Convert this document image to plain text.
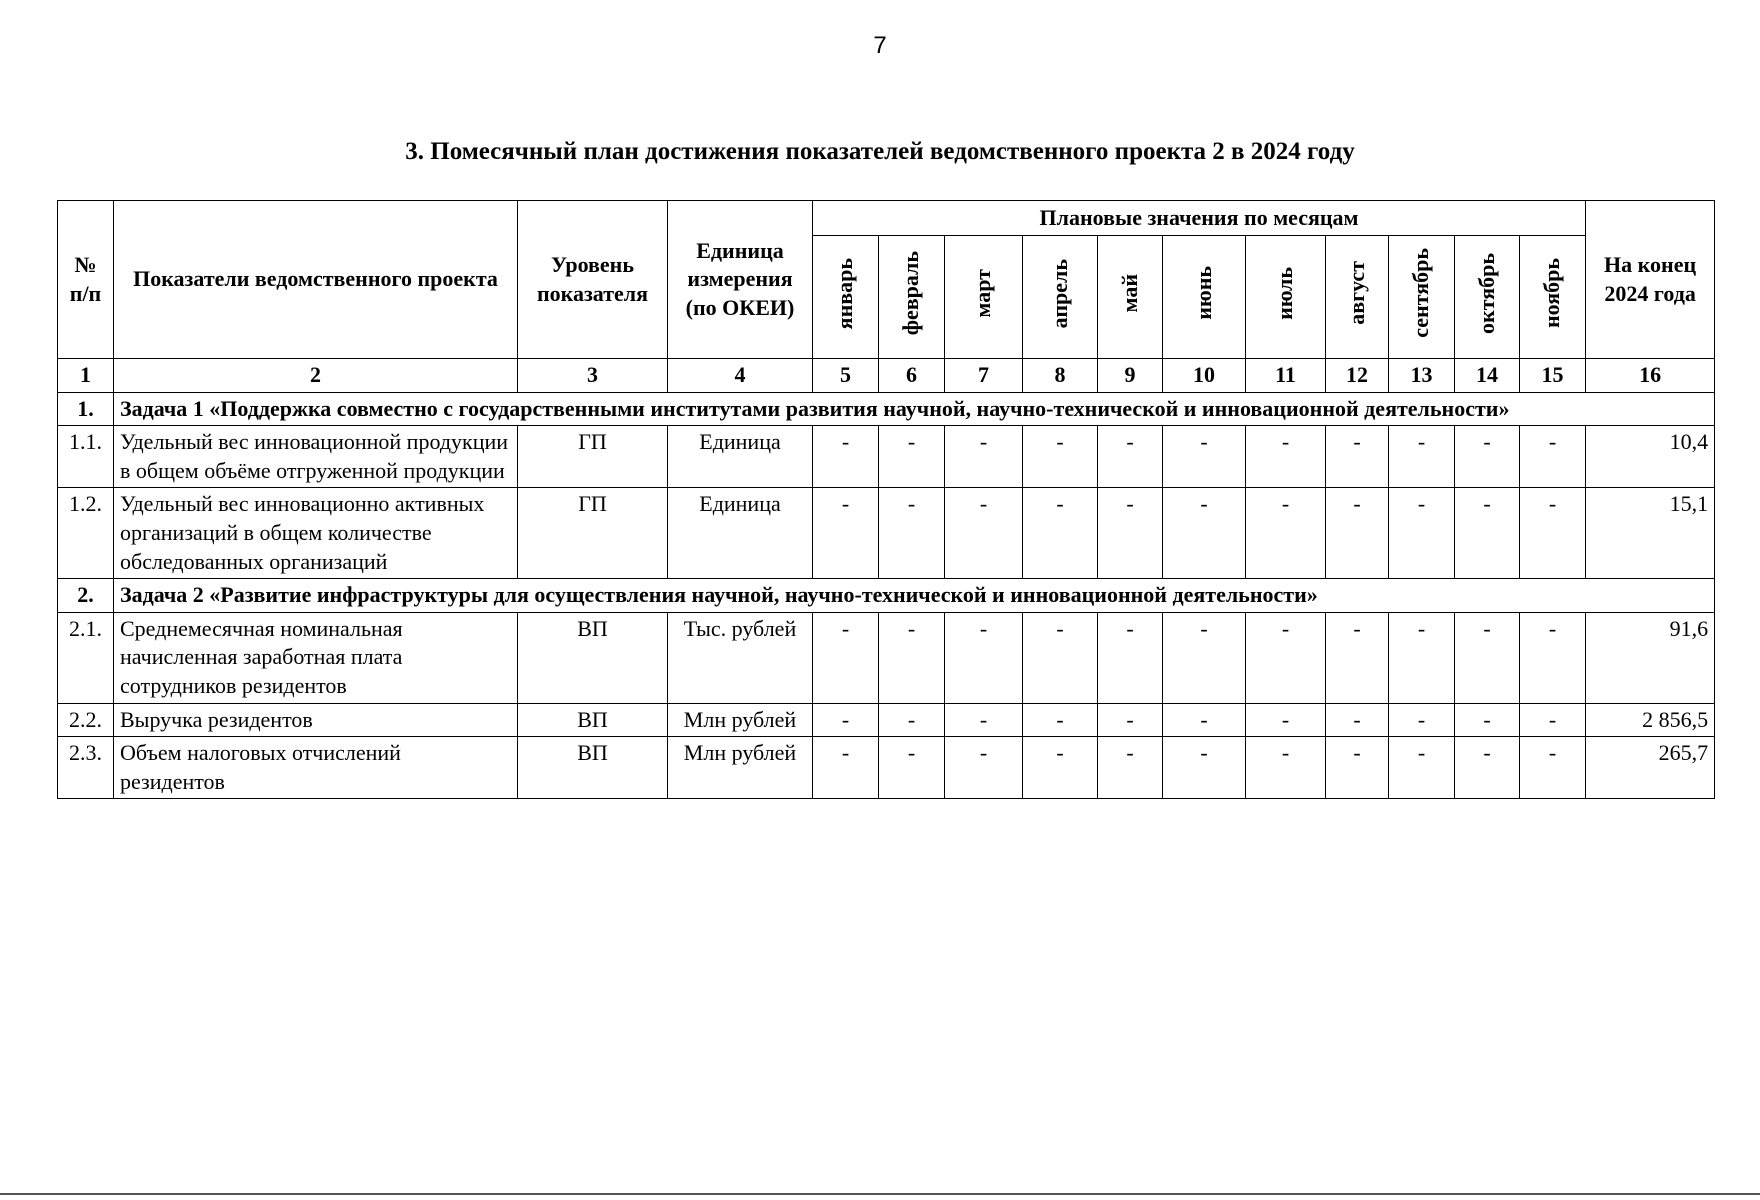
7
3. Помесячный план достижения показателей ведомственного проекта 2 в 2024 году
№ п/п	Показатели ведомственного проекта	Уровень показателя	Единица измерения (по ОКЕИ)	Плановые значения по месяцам											На конец 2024 года
				январь	февраль	март	апрель	май	июнь	июль	август	сентябрь	октябрь	ноябрь	
1	2	3	4	5	6	7	8	9	10	11	12	13	14	15	16
1.	Задача 1 «Поддержка совместно с государственными институтами развития научной, научно-технической и инновационной деятельности»														
1.1.	Удельный вес инновационной продукции в общем объёме отгруженной продукции	ГП	Единица	-	-	-	-	-	-	-	-	-	-	-	10,4
1.2.	Удельный вес инновационно активных организаций в общем количестве обследованных организаций	ГП	Единица	-	-	-	-	-	-	-	-	-	-	-	15,1
2.	Задача 2 «Развитие инфраструктуры для осуществления научной, научно-технической и инновационной деятельности»														
2.1.	Среднемесячная номинальная начисленная заработная плата сотрудников резидентов	ВП	Тыс. рублей	-	-	-	-	-	-	-	-	-	-	-	91,6
2.2.	Выручка резидентов	ВП	Млн рублей	-	-	-	-	-	-	-	-	-	-	-	2 856,5
2.3.	Объем налоговых отчислений резидентов	ВП	Млн рублей	-	-	-	-	-	-	-	-	-	-	-	265,7
